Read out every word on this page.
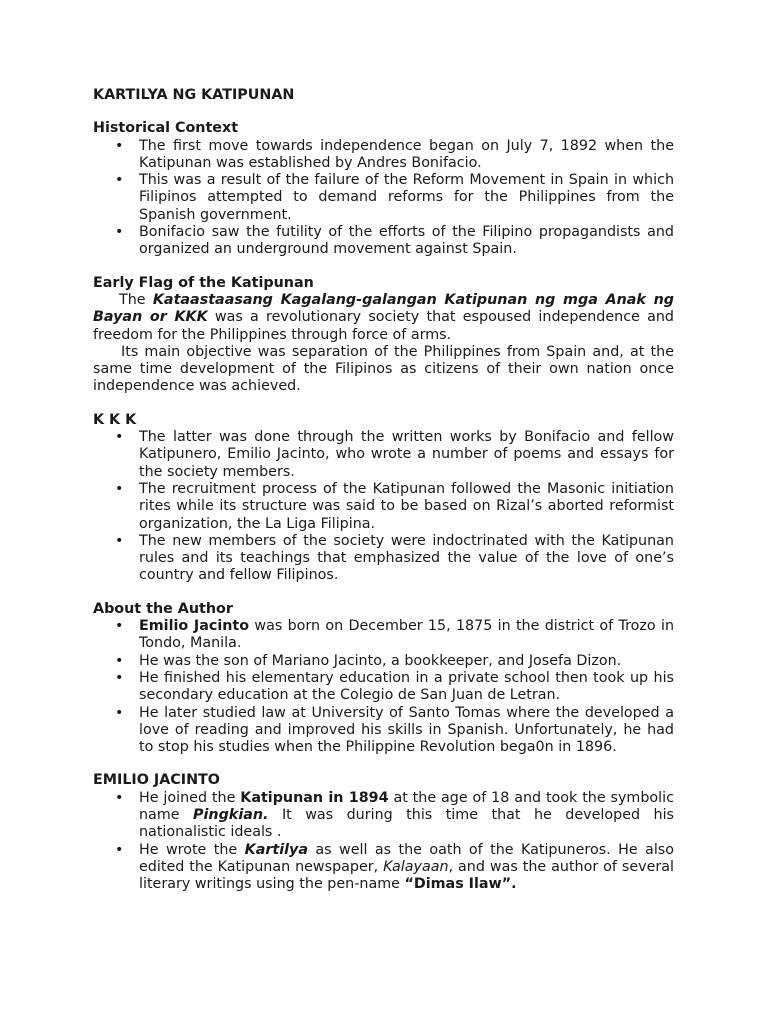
KARTILYA NG KATIPUNAN
Historical Context
• The first move towards independence began on July 7, 1892 when the Katipunan was established by Andres Bonifacio.
• This was a result of the failure of the Reform Movement in Spain in which Filipinos attempted to demand reforms for the Philippines from the Spanish government.
• Bonifacio saw the futility of the efforts of the Filipino propagandists and organized an underground movement against Spain.
Early Flag of the Katipunan

The Kataastaasang Kagalang-galangan Katipunan ng mga Anak ng Bayan or KKK was a revolutionary society that espoused independence and freedom for the Philippines through force of arms.

Its main objective was separation of the Philippines from Spain and, at the same time development of the Filipinos as citizens of their own nation once independence was achieved.

K K K
• The latter was done through the written works by Bonifacio and fellow Katipunero, Emilio Jacinto, who wrote a number of poems and essays for the society members.
• The recruitment process of the Katipunan followed the Masonic initiation rites while its structure was said to be based on Rizal’s aborted reformist organization, the La Liga Filipina.
• The new members of the society were indoctrinated with the Katipunan rules and its teachings that emphasized the value of the love of one’s country and fellow Filipinos.
About the Author
• Emilio Jacinto was born on December 15, 1875 in the district of Trozo in Tondo, Manila.
• He was the son of Mariano Jacinto, a bookkeeper, and Josefa Dizon.
• He finished his elementary education in a private school then took up his secondary education at the Colegio de San Juan de Letran.
• He later studied law at University of Santo Tomas where the developed a love of reading and improved his skills in Spanish. Unfortunately, he had to stop his studies when the Philippine Revolution bega0n in 1896.
EMILIO JACINTO
• He joined the Katipunan in 1894 at the age of 18 and took the symbolic name Pingkian. It was during this time that he developed his nationalistic ideals .
• He wrote the Kartilya as well as the oath of the Katipuneros. He also edited the Katipunan newspaper, Kalayaan, and was the author of several literary writings using the pen-name “Dimas Ilaw”.
